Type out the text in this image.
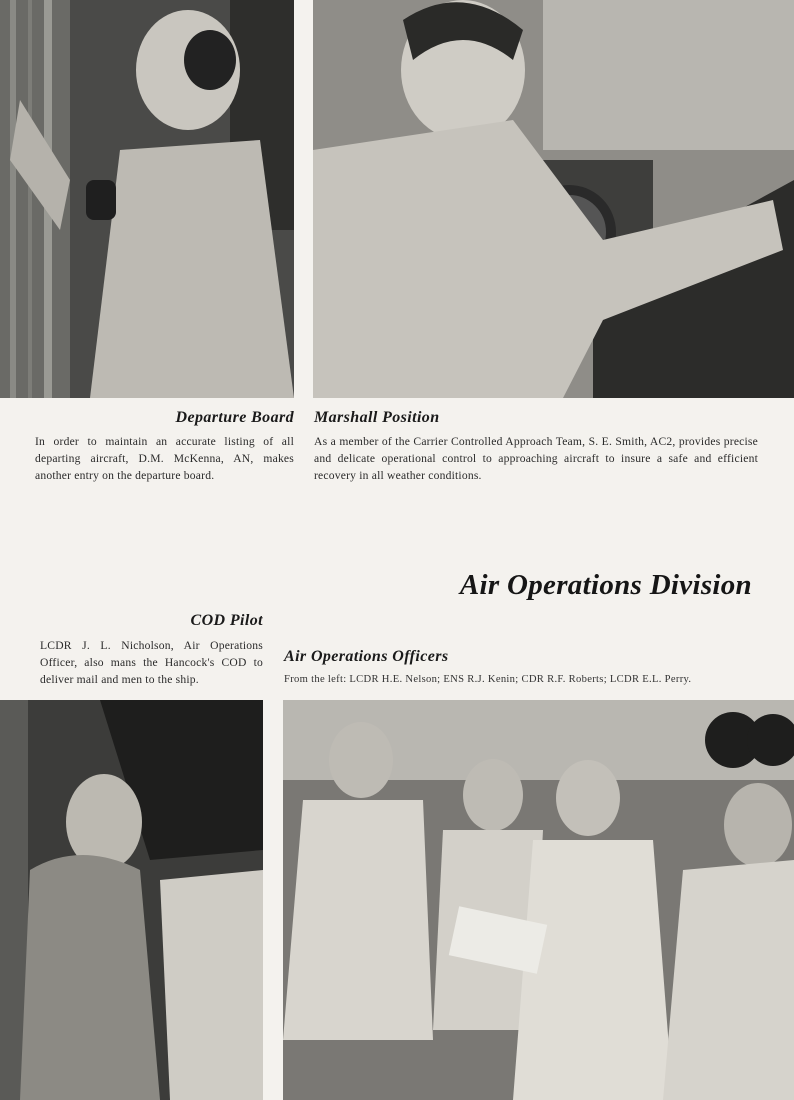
Departure Board

In order to maintain an accurate listing of all departing aircraft, D.M. McKenna, AN, makes another entry on the departure board.

Marshall Position

As a member of the Carrier Controlled Approach Team, S. E. Smith, AC2, provides precise and delicate operational control to approaching aircraft to insure a safe and efficient recovery in all weather conditions.

Air Operations Division
COD Pilot

LCDR J. L. Nicholson, Air Operations Officer, also mans the Hancock's COD to deliver mail and men to the ship.

Air Operations Officers

From the left: LCDR H.E. Nelson; ENS R.J. Kenin; CDR R.F. Roberts; LCDR E.L. Perry.
